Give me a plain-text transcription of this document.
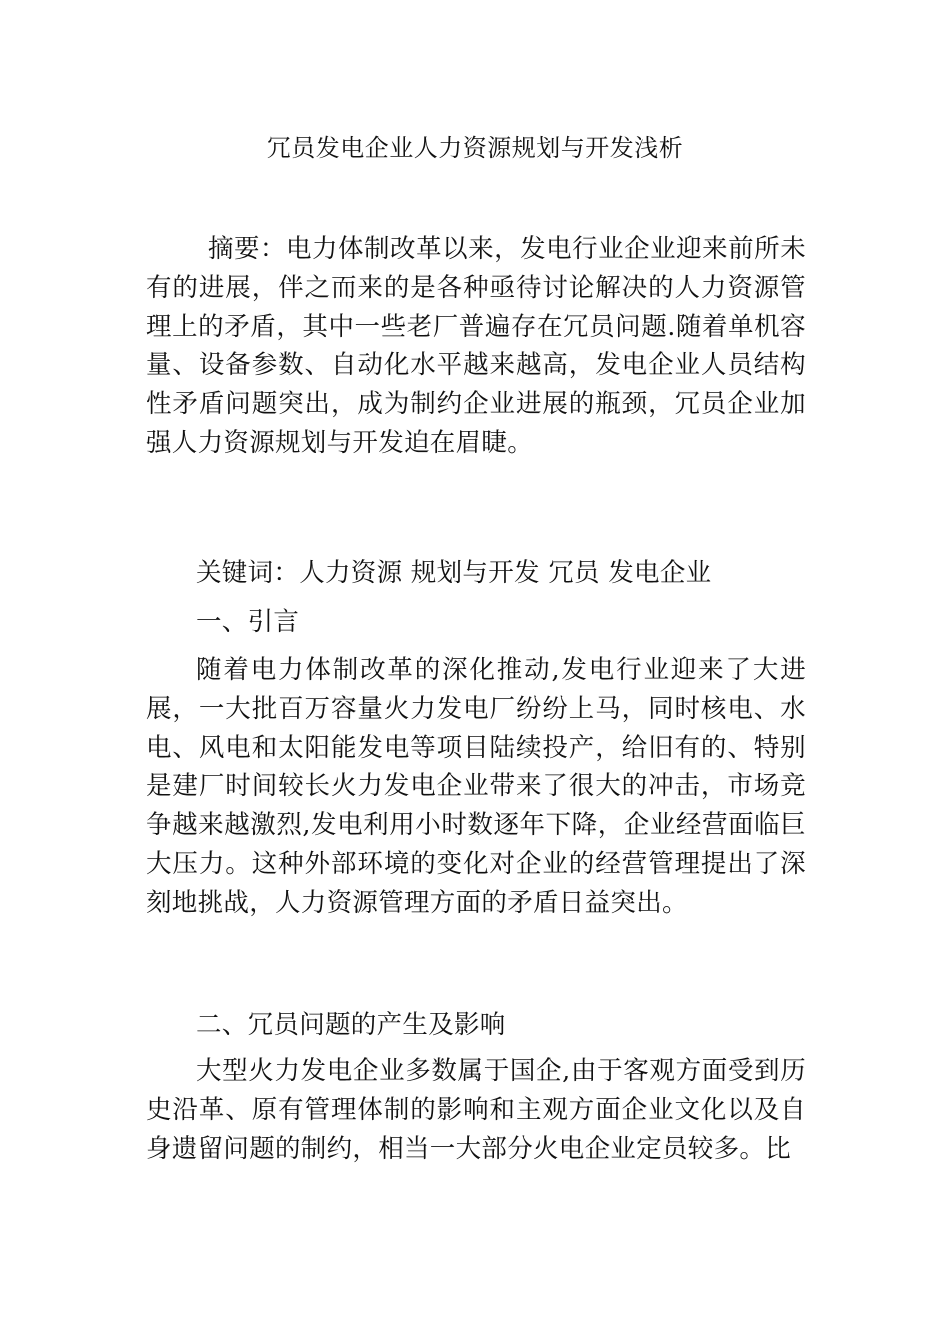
冗员发电企业人力资源规划与开发浅析

摘要：电力体制改革以来，发电行业企业迎来前所未有的进展，伴之而来的是各种亟待讨论解决的人力资源管理上的矛盾，其中一些老厂普遍存在冗员问题.随着单机容量、设备参数、自动化水平越来越高，发电企业人员结构性矛盾问题突出，成为制约企业进展的瓶颈，冗员企业加强人力资源规划与开发迫在眉睫。

关键词：人力资源 规划与开发 冗员 发电企业

一、引言

随着电力体制改革的深化推动,发电行业迎来了大进展，一大批百万容量火力发电厂纷纷上马，同时核电、水电、风电和太阳能发电等项目陆续投产，给旧有的、特别是建厂时间较长火力发电企业带来了很大的冲击，市场竞争越来越激烈,发电利用小时数逐年下降，企业经营面临巨大压力。这种外部环境的变化对企业的经营管理提出了深刻地挑战，人力资源管理方面的矛盾日益突出。

二、冗员问题的产生及影响

大型火力发电企业多数属于国企,由于客观方面受到历史沿革、原有管理体制的影响和主观方面企业文化以及自身遗留问题的制约，相当一大部分火电企业定员较多。比
